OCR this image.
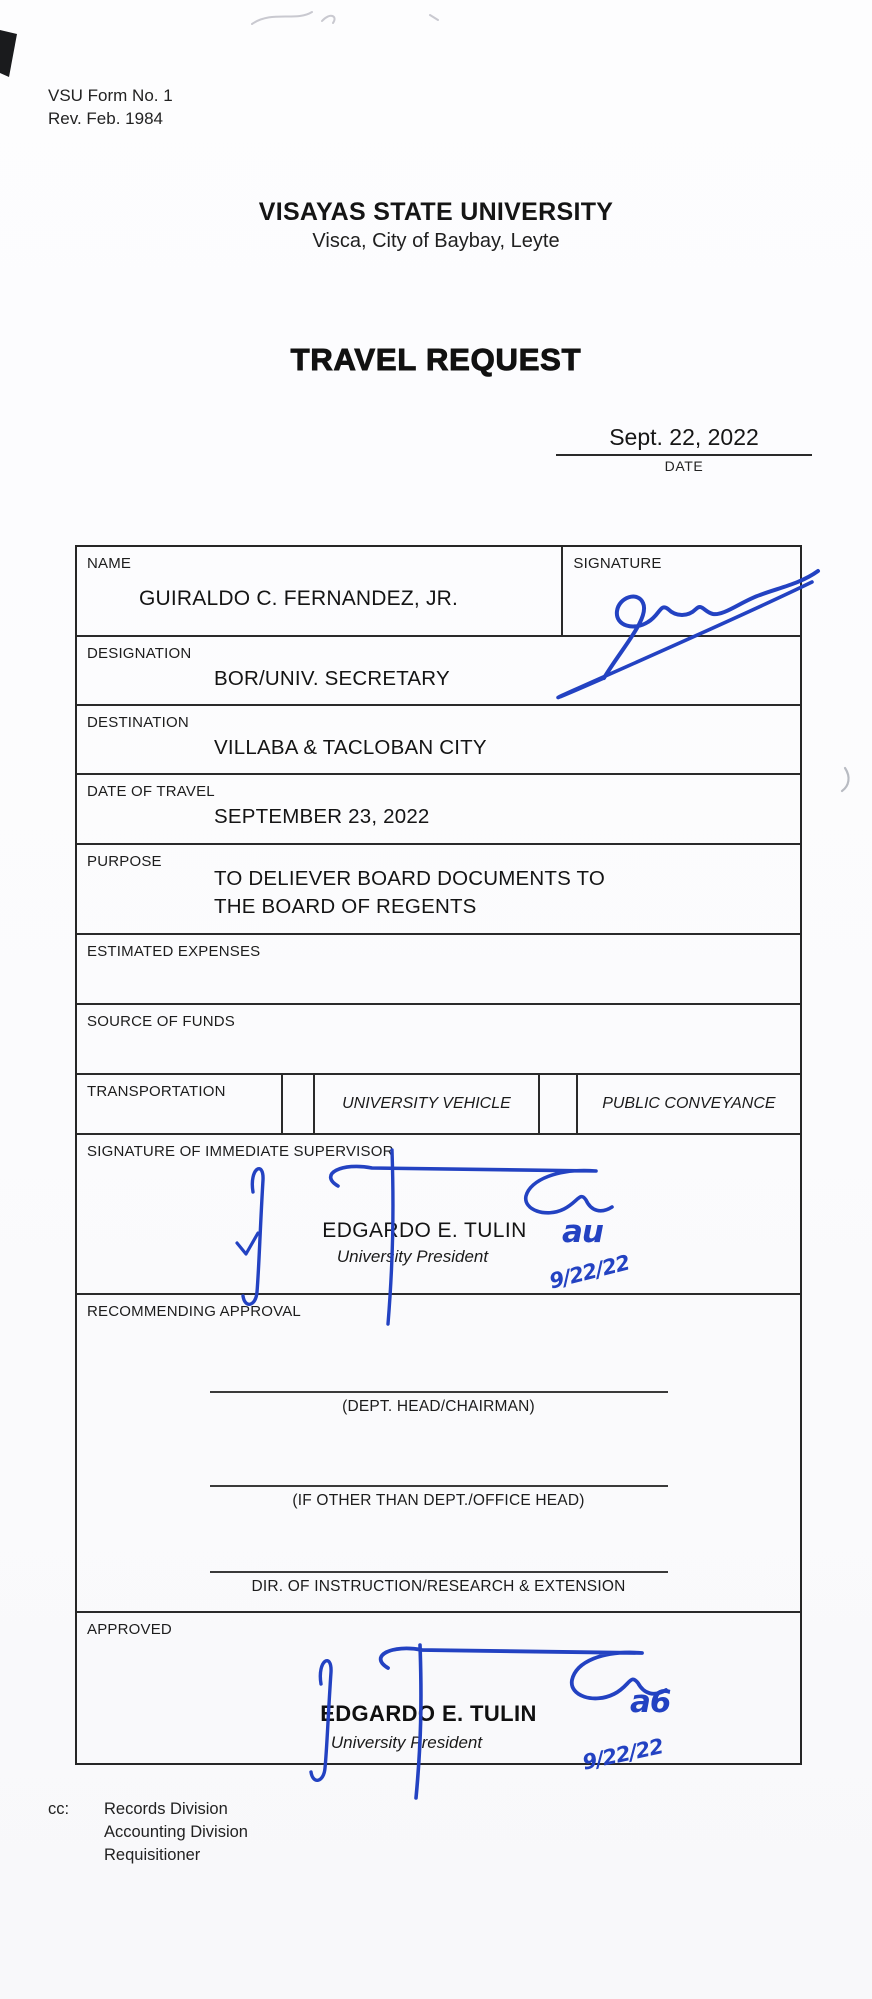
VSU Form No. 1
Rev. Feb. 1984
VISAYAS STATE UNIVERSITY
Visca, City of Baybay, Leyte
TRAVEL REQUEST
Sept. 22, 2022
DATE
NAME
GUIRALDO C. FERNANDEZ, JR.
SIGNATURE
DESIGNATION
BOR/UNIV. SECRETARY
DESTINATION
VILLABA & TACLOBAN CITY
DATE OF TRAVEL
SEPTEMBER 23, 2022
PURPOSE
TO DELIEVER BOARD DOCUMENTS TO
THE BOARD OF REGENTS
ESTIMATED EXPENSES
SOURCE OF FUNDS
TRANSPORTATION
UNIVERSITY VEHICLE	PUBLIC CONVEYANCE
SIGNATURE OF IMMEDIATE SUPERVISOR
EDGARDO E. TULIN
University President
RECOMMENDING APPROVAL
(DEPT. HEAD/CHAIRMAN)
(IF OTHER THAN DEPT./OFFICE HEAD)
DIR. OF INSTRUCTION/RESEARCH & EXTENSION
APPROVED
EDGARDO E. TULIN
University President
cc:	Records Division
Accounting Division
Requisitioner
au
9/22/22
a6
9/22/22
